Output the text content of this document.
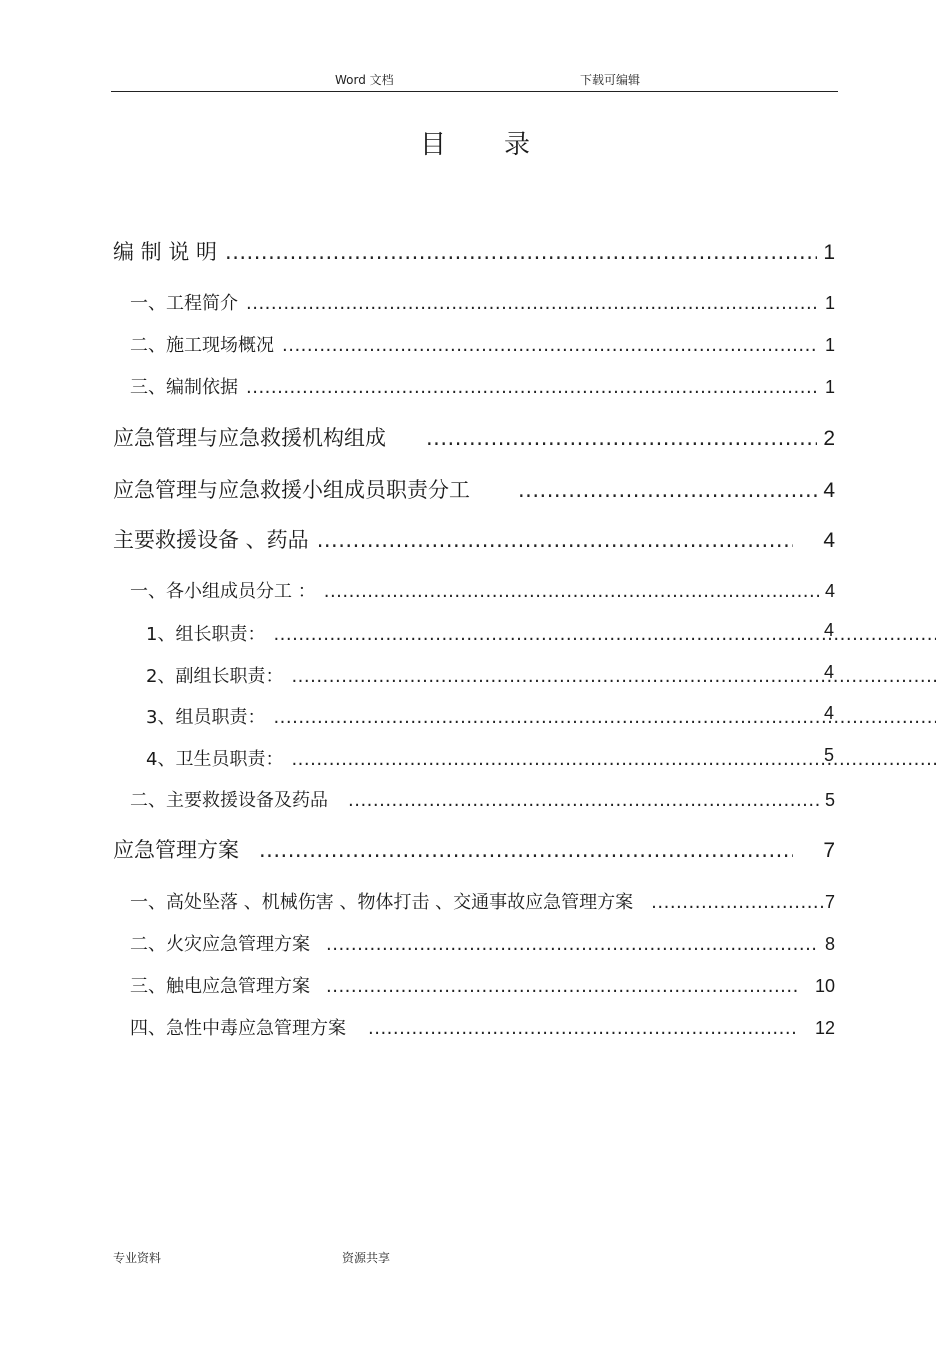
Word 文档	下载可编辑
目录
编 制 说 明 .....	1
一、工程简介 .....	1
二、施工现场概况 .....	1
三、编制依据 .....	1
应急管理与应急救援机构组成 .....	2
应急管理与应急救援小组成员职责分工 .....	4
主要救援设备 、药品 .....	4
一、各小组成员分工 ： .....	4
1、组长职责： .....	4
2、副组长职责： .....	4
3、组员职责： .....	4
4、卫生员职责： .....	5
二、主要救援设备及药品 .....	5
应急管理方案 .....	7
一、高处坠落 、机械伤害 、物体打击 、交通事故应急管理方案 .....	7
二、火灾应急管理方案 .....	8
三、触电应急管理方案 .....	10
四、急性中毒应急管理方案 .....	12
专业资料	资源共享
